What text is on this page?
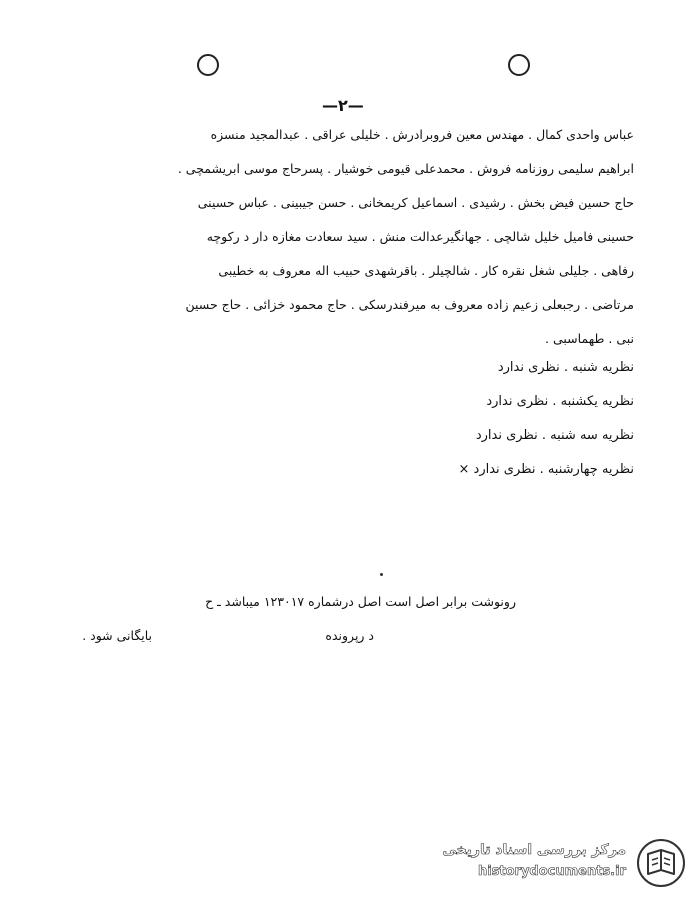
—۲—
عباس واحدی کمال . مهندس معین فروبرادرش . خلیلی عراقی . عبدالمجید منسزه
ابراهیم سلیمی روزنامه فروش . محمدعلی قیومی خوشیار . پسرحاج موسی ابریشمچی .
حاج حسین فیض بخش . رشیدی . اسماعیل کریمخانی . حسن جیبینی . عباس حسینی
حسینی فامیل خلیل شالچی . جهانگیرعدالت منش . سید سعادت مغازه دار د رکوچه
رفاهی . جلیلی شغل نقره کار . شالچیلر . باقرشهدی حبیب اله معروف به خطیبی
مرتاضی . رجبعلی زعیم زاده معروف به میرفندرسکی . حاج محمود خزائی . حاج حسین
نبی . طهماسبی .
نظریه شنبه . نظری ندارد
نظریه یکشنبه . نظری ندارد
نظریه سه شنبه . نظری ندارد
نظریه چهارشنبه . نظری ندارد ×
رونوشت برابر اصل است اصل درشماره ۱۲۳۰۱۷ میباشد ـ ح
د رپرونده
بایگانی شود .
مرکز بررسی اسناد تاریخی
historydocuments.ir
